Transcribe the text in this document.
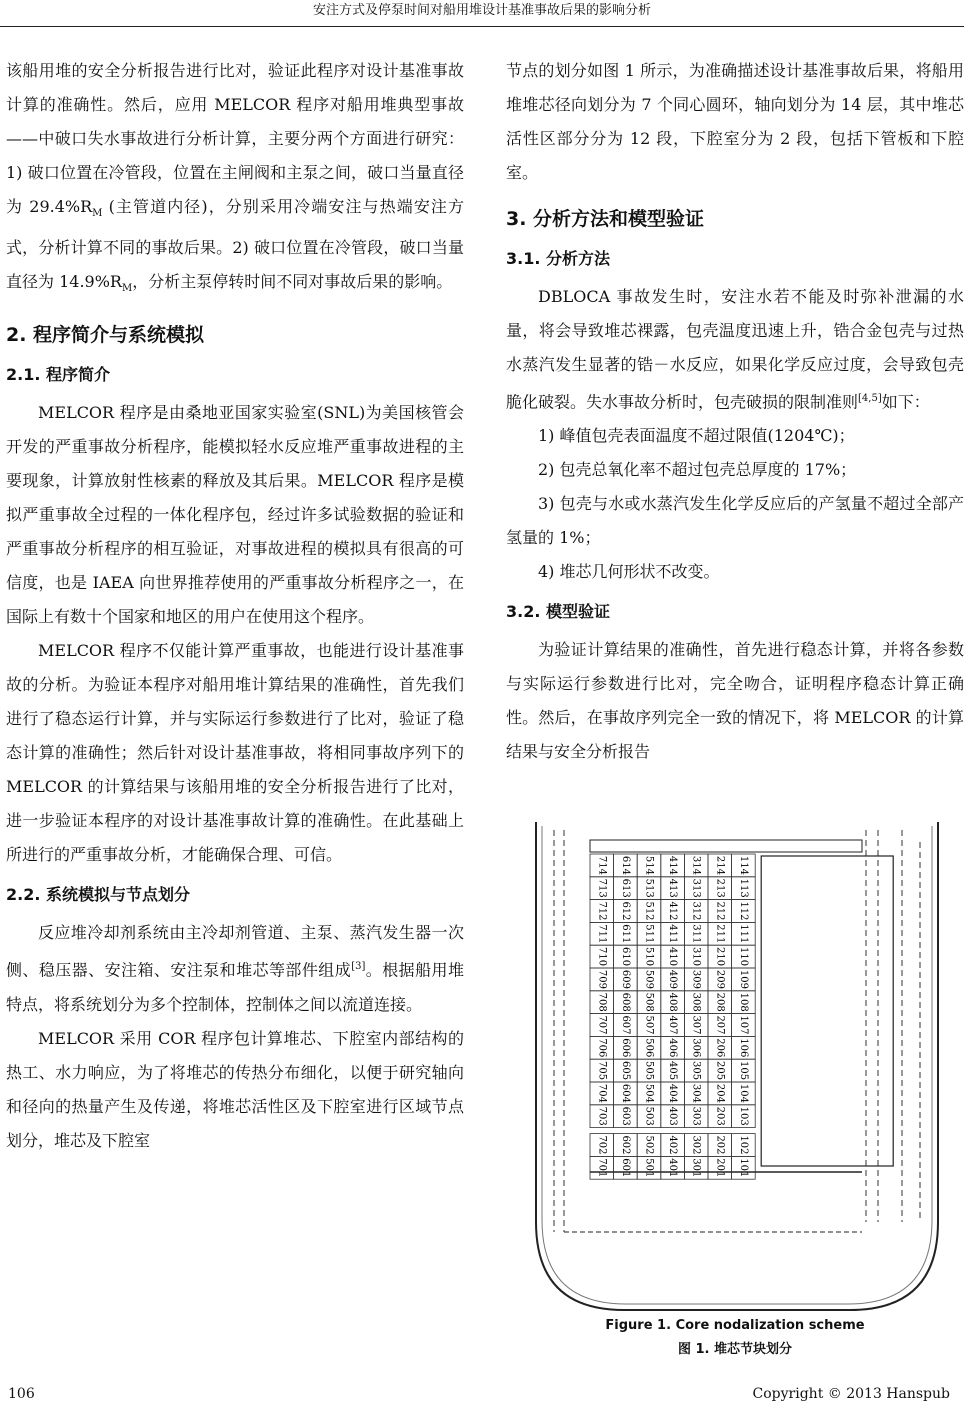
安注方式及停泵时间对船用堆设计基准事故后果的影响分析

该船用堆的安全分析报告进行比对，验证此程序对设计基准事故计算的准确性。然后，应用 MELCOR 程序对船用堆典型事故——中破口失水事故进行分析计算，主要分两个方面进行研究：1) 破口位置在冷管段，位置在主闸阀和主泵之间，破口当量直径为 $29.4\%R_M$ (主管道内径)，分别采用冷端安注与热端安注方式，分析计算不同的事故后果。2) 破口位置在冷管段，破口当量直径为 $14.9\%R_M$，分析主泵停转时间不同对事故后果的影响。

2. 程序简介与系统模拟
2.1. 程序简介

MELCOR 程序是由桑地亚国家实验室(SNL)为美国核管会开发的严重事故分析程序，能模拟轻水反应堆严重事故进程的主要现象，计算放射性核素的释放及其后果。MELCOR 程序是模拟严重事故全过程的一体化程序包，经过许多试验数据的验证和严重事故分析程序的相互验证，对事故进程的模拟具有很高的可信度，也是 IAEA 向世界推荐使用的严重事故分析程序之一，在国际上有数十个国家和地区的用户在使用这个程序。

MELCOR 程序不仅能计算严重事故，也能进行设计基准事故的分析。为验证本程序对船用堆计算结果的准确性，首先我们进行了稳态运行计算，并与实际运行参数进行了比对，验证了稳态计算的准确性；然后针对设计基准事故，将相同事故序列下的 MELCOR 的计算结果与该船用堆的安全分析报告进行了比对，进一步验证本程序的对设计基准事故计算的准确性。在此基础上所进行的严重事故分析，才能确保合理、可信。

2.2. 系统模拟与节点划分

反应堆冷却剂系统由主冷却剂管道、主泵、蒸汽发生器一次侧、稳压器、安注箱、安注泵和堆芯等部件组成[3]。根据船用堆特点，将系统划分为多个控制体，控制体之间以流道连接。

MELCOR 采用 COR 程序包计算堆芯、下腔室内部结构的热工、水力响应，为了将堆芯的传热分布细化，以便于研究轴向和径向的热量产生及传递，将堆芯活性区及下腔室进行区域节点划分，堆芯及下腔室

节点的划分如图 1 所示，为准确描述设计基准事故后果，将船用堆堆芯径向划分为 7 个同心圆环，轴向划分为 14 层，其中堆芯活性区部分分为 12 段，下腔室分为 2 段，包括下管板和下腔室。

3. 分析方法和模型验证
3.1. 分析方法

DBLOCA 事故发生时，安注水若不能及时弥补泄漏的水量，将会导致堆芯裸露，包壳温度迅速上升，锆合金包壳与过热水蒸汽发生显著的锆－水反应，如果化学反应过度，会导致包壳脆化破裂。失水事故分析时，包壳破损的限制准则[4,5]如下：

1) 峰值包壳表面温度不超过限值(1204℃)；

2) 包壳总氧化率不超过包壳总厚度的 17%；

3) 包壳与水或水蒸汽发生化学反应后的产氢量不超过全部产氢量的 1%；

4) 堆芯几何形状不改变。

3.2. 模型验证

为验证计算结果的准确性，首先进行稳态计算，并将各参数与实际运行参数进行比对，完全吻合，证明程序稳态计算正确性。然后，在事故序列完全一致的情况下，将 MELCOR 的计算结果与安全分析报告

714
713
712
711
710
709
708
707
706
705
704
703
702
701
614
613
612
611
610
609
608
607
606
605
604
603
602
601
514
513
512
511
510
509
508
507
506
505
504
503
502
501
414
413
412
411
410
409
408
407
406
405
404
403
402
401
314
313
312
311
310
309
308
307
306
305
304
303
302
301
214
213
212
211
210
209
208
207
206
205
204
203
202
201
114
113
112
111
110
109
108
107
106
105
104
103
102
101
Figure 1. Core nodalization scheme
图 1. 堆芯节块划分
106	Copyright © 2013 Hanspub
